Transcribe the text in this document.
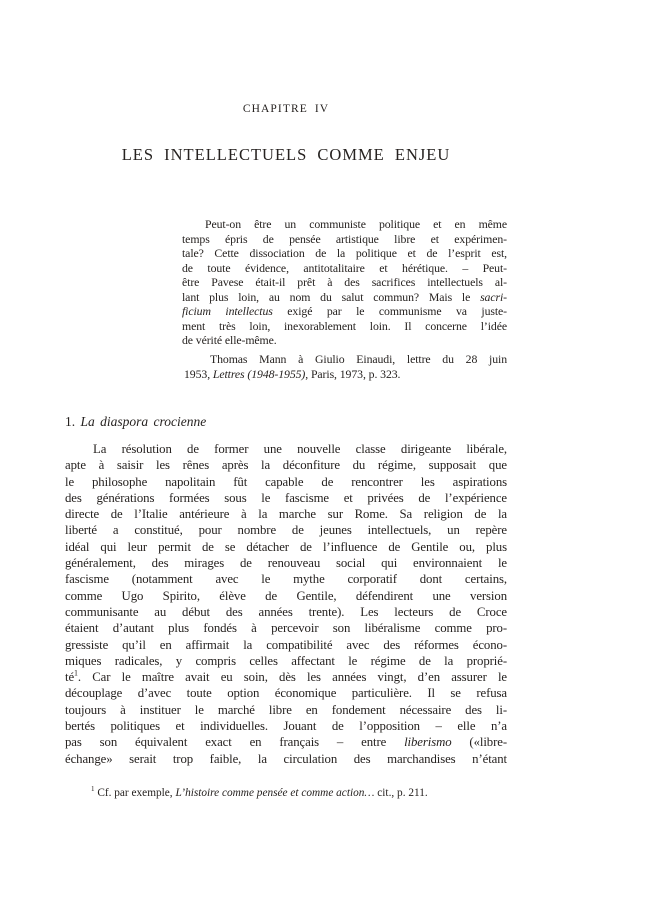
CHAPITRE IV
LES INTELLECTUELS COMME ENJEU
Peut-on être un communiste politique et en même
temps épris de pensée artistique libre et expérimen-
tale? Cette dissociation de la politique et de l’esprit est,
de toute évidence, antitotalitaire et hérétique. – Peut-
être Pavese était-il prêt à des sacrifices intellectuels al-
lant plus loin, au nom du salut commun? Mais le sacri-
ficium intellectus exigé par le communisme va juste-
ment très loin, inexorablement loin. Il concerne l’idée
de vérité elle-même.
Thomas Mann à Giulio Einaudi, lettre du 28 juin
1953, Lettres (1948-1955), Paris, 1973, p. 323.
1. La diaspora crocienne
La résolution de former une nouvelle classe dirigeante libérale,
apte à saisir les rênes après la déconfiture du régime, supposait que
le philosophe napolitain fût capable de rencontrer les aspirations
des générations formées sous le fascisme et privées de l’expérience
directe de l’Italie antérieure à la marche sur Rome. Sa religion de la
liberté a constitué, pour nombre de jeunes intellectuels, un repère
idéal qui leur permit de se détacher de l’influence de Gentile ou, plus
généralement, des mirages de renouveau social qui environnaient le
fascisme (notamment avec le mythe corporatif dont certains,
comme Ugo Spirito, élève de Gentile, défendirent une version
communisante au début des années trente). Les lecteurs de Croce
étaient d’autant plus fondés à percevoir son libéralisme comme pro-
gressiste qu’il en affirmait la compatibilité avec des réformes écono-
miques radicales, y compris celles affectant le régime de la proprié-
té$^1$. Car le maître avait eu soin, dès les années vingt, d’en assurer le
découplage d’avec toute option économique particulière. Il se refusa
toujours à instituer le marché libre en fondement nécessaire des li-
bertés politiques et individuelles. Jouant de l’opposition – elle n’a
pas son équivalent exact en français – entre liberismo («libre-
échange» serait trop faible, la circulation des marchandises n’étant
$^1$ Cf. par exemple, L’histoire comme pensée et comme action… cit., p. 211.
